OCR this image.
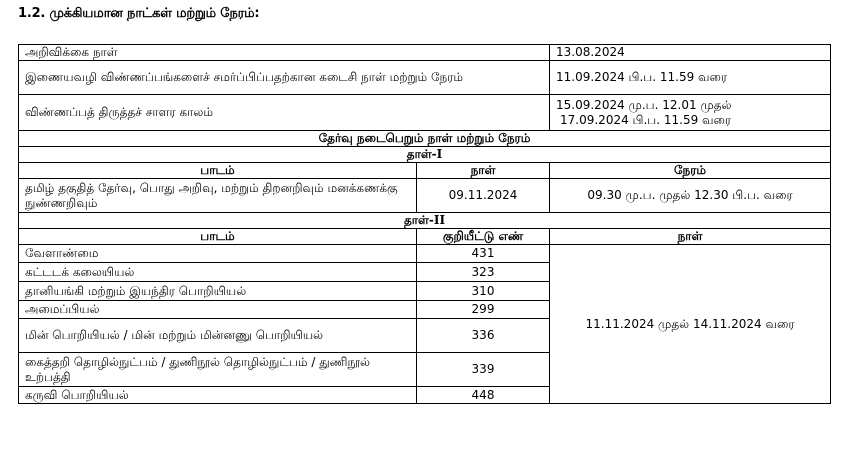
1.2. முக்கியமான நாட்கள் மற்றும் நேரம்:
அறிவிக்கை நாள்		13.08.2024
இணையவழி விண்ணப்பங்களைச் சமர்ப்பிப்பதற்கான கடைசி நாள் மற்றும் நேரம்		11.09.2024 பி.ப. 11.59 வரை
விண்ணப்பத் திருத்தச் சாளர காலம்		15.09.2024 மு.ப. 12.01 முதல்
17.09.2024 பி.ப. 11.59 வரை

தேர்வு நடைபெறும் நாள் மற்றும் நேரம்		
தாள்-I		
பாடம்	நாள்	நேரம்
தமிழ் தகுதித் தேர்வு, பொது அறிவு, மற்றும் திறனறிவும் மனக்கணக்கு நுண்ணறிவும்	09.11.2024	09.30 மு.ப. முதல் 12.30 பி.ப. வரை
தாள்-II		
பாடம்	குறியீட்டு எண்	நாள்
வேளாண்மை	431	11.11.2024 முதல் 14.11.2024 வரை
கட்டடக் கலையியல்	323	
தானியங்கி மற்றும் இயந்திர பொறியியல்	310	
அமைப்பியல்	299	
மின் பொறியியல் / மின் மற்றும் மின்னணு பொறியியல்	336	
கைத்தறி தொழில்நுட்பம் / துணிநூல் தொழில்நுட்பம் / துணிநூல் உற்பத்தி	339	
கருவி பொறியியல்	448	
